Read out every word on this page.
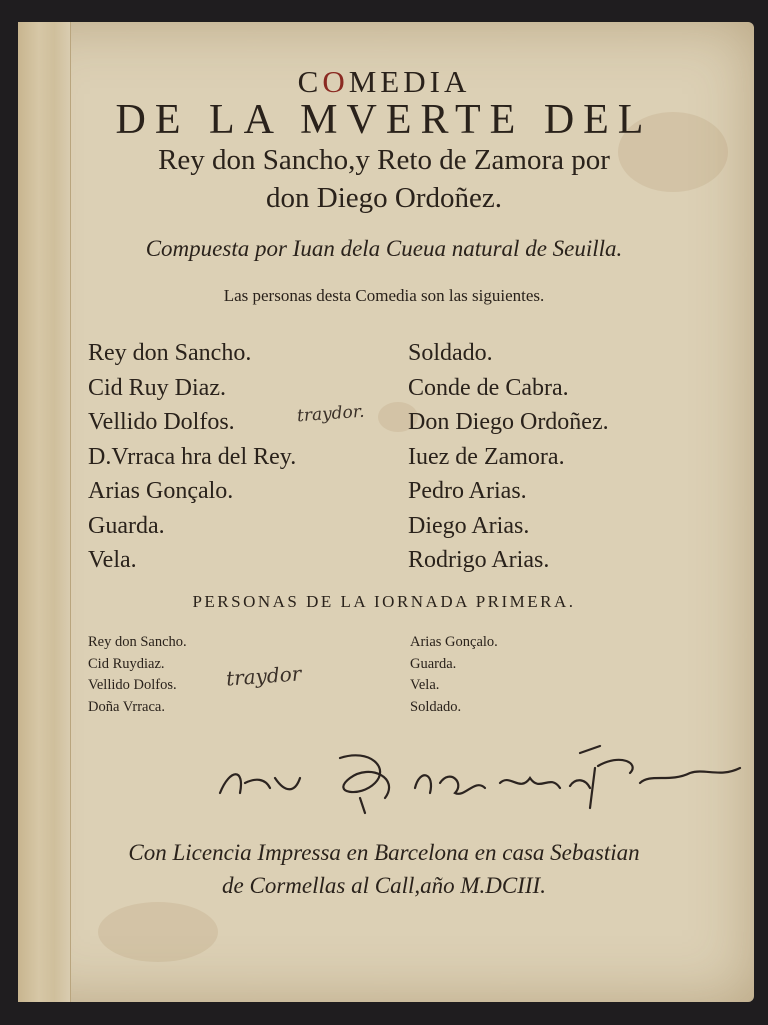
COMEDIA
DE LA MVERTE DEL
Rey don Sancho,y Reto de Zamora por
don Diego Ordoñez.
Compuesta por Iuan dela Cueua natural de Seuilla.
Las personas desta Comedia son las siguientes.
Rey don Sancho.
Cid Ruy Diaz.
Vellido Dolfos.
D.Vrraca hra del Rey.
Arias Gonçalo.
Guarda.
Vela.
Soldado.
Conde de Cabra.
Don Diego Ordoñez.
Iuez de Zamora.
Pedro Arias.
Diego Arias.
Rodrigo Arias.
traydor.
PERSONAS DE LA IORNADA PRIMERA.
Rey don Sancho.
Cid Ruydiaz.
Vellido Dolfos.
Doña Vrraca.
Arias Gonçalo.
Guarda.
Vela.
Soldado.
traydor
Con Licencia Impressa en Barcelona en casa Sebastian
de Cormellas al Call,año M.DCIII.
